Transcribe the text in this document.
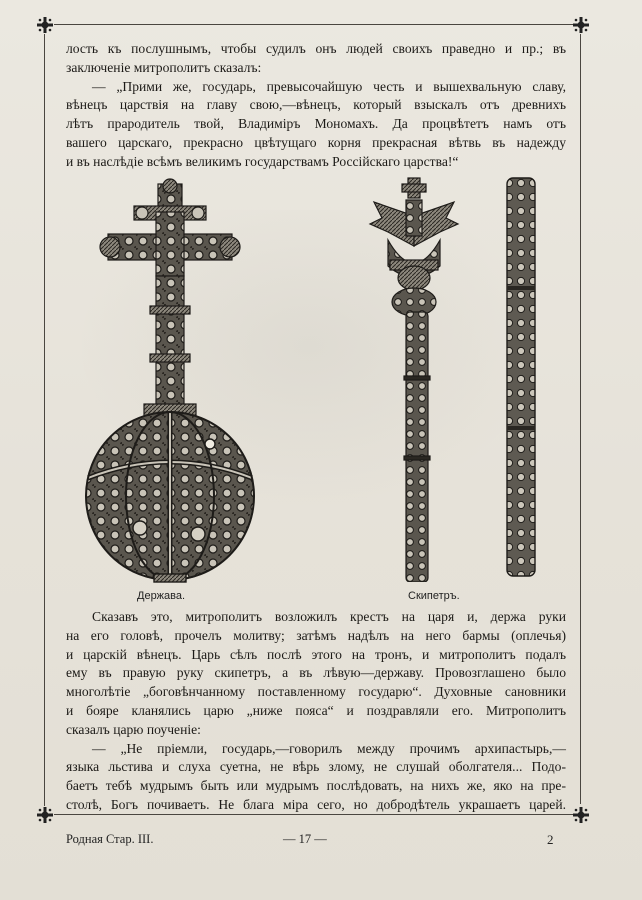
лость къ послушнымъ, чтобы судилъ онъ людей своихъ праведно и пр.; въ
заключеніе митрополитъ сказалъ:
— „Прими же, государь, превысочайшую честь и вышехвальную славу,
вѣнецъ царствія на главу свою,—вѣнецъ, который взыскалъ отъ древнихъ
лѣтъ прародитель твой, Владиміръ Мономахъ. Да процвѣтетъ намъ отъ
вашего царскаго, прекрасно цвѣтущаго корня прекрасная вѣтвь въ надежду
и въ наслѣдіе всѣмъ великимъ государствамъ Россійскаго царства!“
Держава.	Скипетръ.
Сказавъ это, митрополитъ возложилъ крестъ на царя и, держа руки
на его головѣ, прочелъ молитву; затѣмъ надѣлъ на него бармы (оплечья)
и царскій вѣнецъ. Царь сѣлъ послѣ этого на тронъ, и митрополитъ подалъ
ему въ правую руку скипетръ, а въ лѣвую—державу. Провозглашено было
многолѣтіе „боговѣнчанному поставленному государю“. Духовные сановники
и бояре кланялись царю „ниже пояса“ и поздравляли его. Митрополитъ
сказалъ царю поученіе:
— „Не пріемли, государь,—говорилъ между прочимъ архипастырь,—
языка льстива и слуха суетна, не вѣрь злому, не слушай оболгателя... Подо-
баетъ тебѣ мудрымъ быть или мудрымъ послѣдовать, на нихъ же, яко на пре-
столѣ, Богъ почиваетъ. Не блага міра сего, но добродѣтель украшаетъ царей.
Родная Стар. III.	— 17 —	2
